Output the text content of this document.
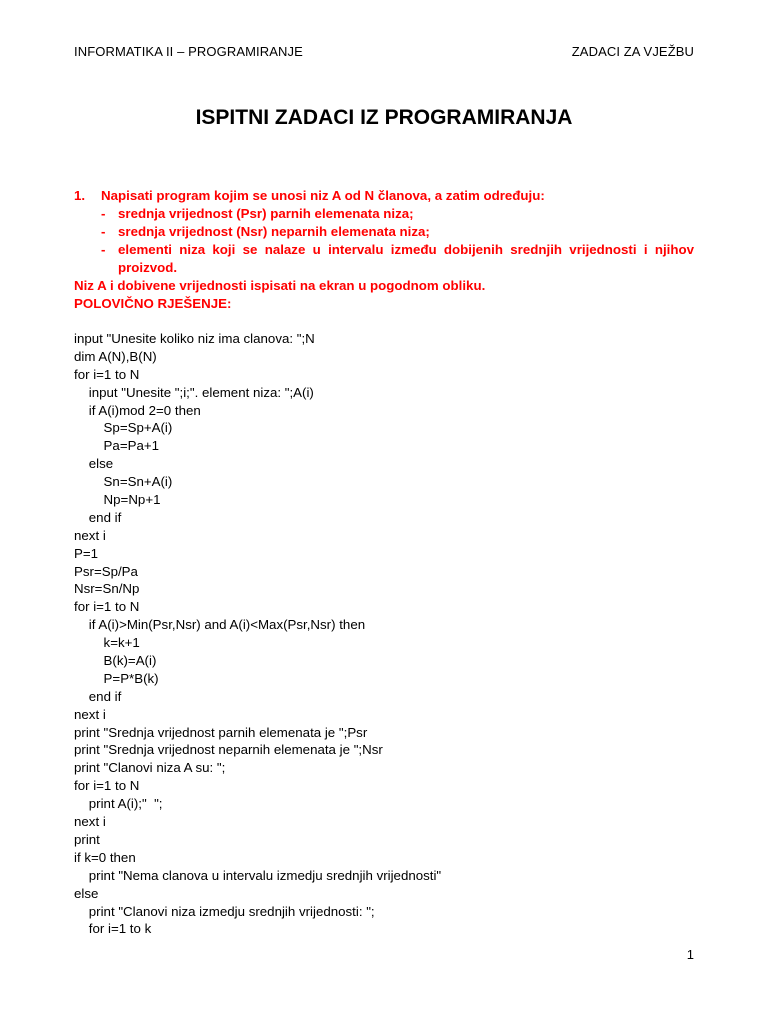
INFORMATIKA II – PROGRAMIRANJE	ZADACI ZA VJEŽBU
ISPITNI ZADACI IZ PROGRAMIRANJA
1.	Napisati program kojim se unosi niz A od N članova, a zatim određuju:
- srednja vrijednost (Psr) parnih elemenata niza;
- srednja vrijednost (Nsr) neparnih elemenata niza;
- elementi niza koji se nalaze u intervalu između dobijenih srednjih vrijednosti i njihov proizvod.
Niz A i dobivene vrijednosti ispisati na ekran u pogodnom obliku.
POLOVIČNO RJEŠENJE:
input "Unesite koliko niz ima clanova: ";N
dim A(N),B(N)
for i=1 to N
input "Unesite ";i;". element niza: ";A(i)
if A(i)mod 2=0 then
Sp=Sp+A(i)
Pa=Pa+1
else
Sn=Sn+A(i)
Np=Np+1
end if
next i
P=1
Psr=Sp/Pa
Nsr=Sn/Np
for i=1 to N
if A(i)>Min(Psr,Nsr) and A(i)<Max(Psr,Nsr) then
k=k+1
B(k)=A(i)
P=P*B(k)
end if
next i
print "Srednja vrijednost parnih elemenata je ";Psr
print "Srednja vrijednost neparnih elemenata je ";Nsr
print "Clanovi niza A su: ";
for i=1 to N
print A(i);"  ";
next i
print
if k=0 then
print "Nema clanova u intervalu izmedju srednjih vrijednosti"
else
print "Clanovi niza izmedju srednjih vrijednosti: ";
for i=1 to k
1
